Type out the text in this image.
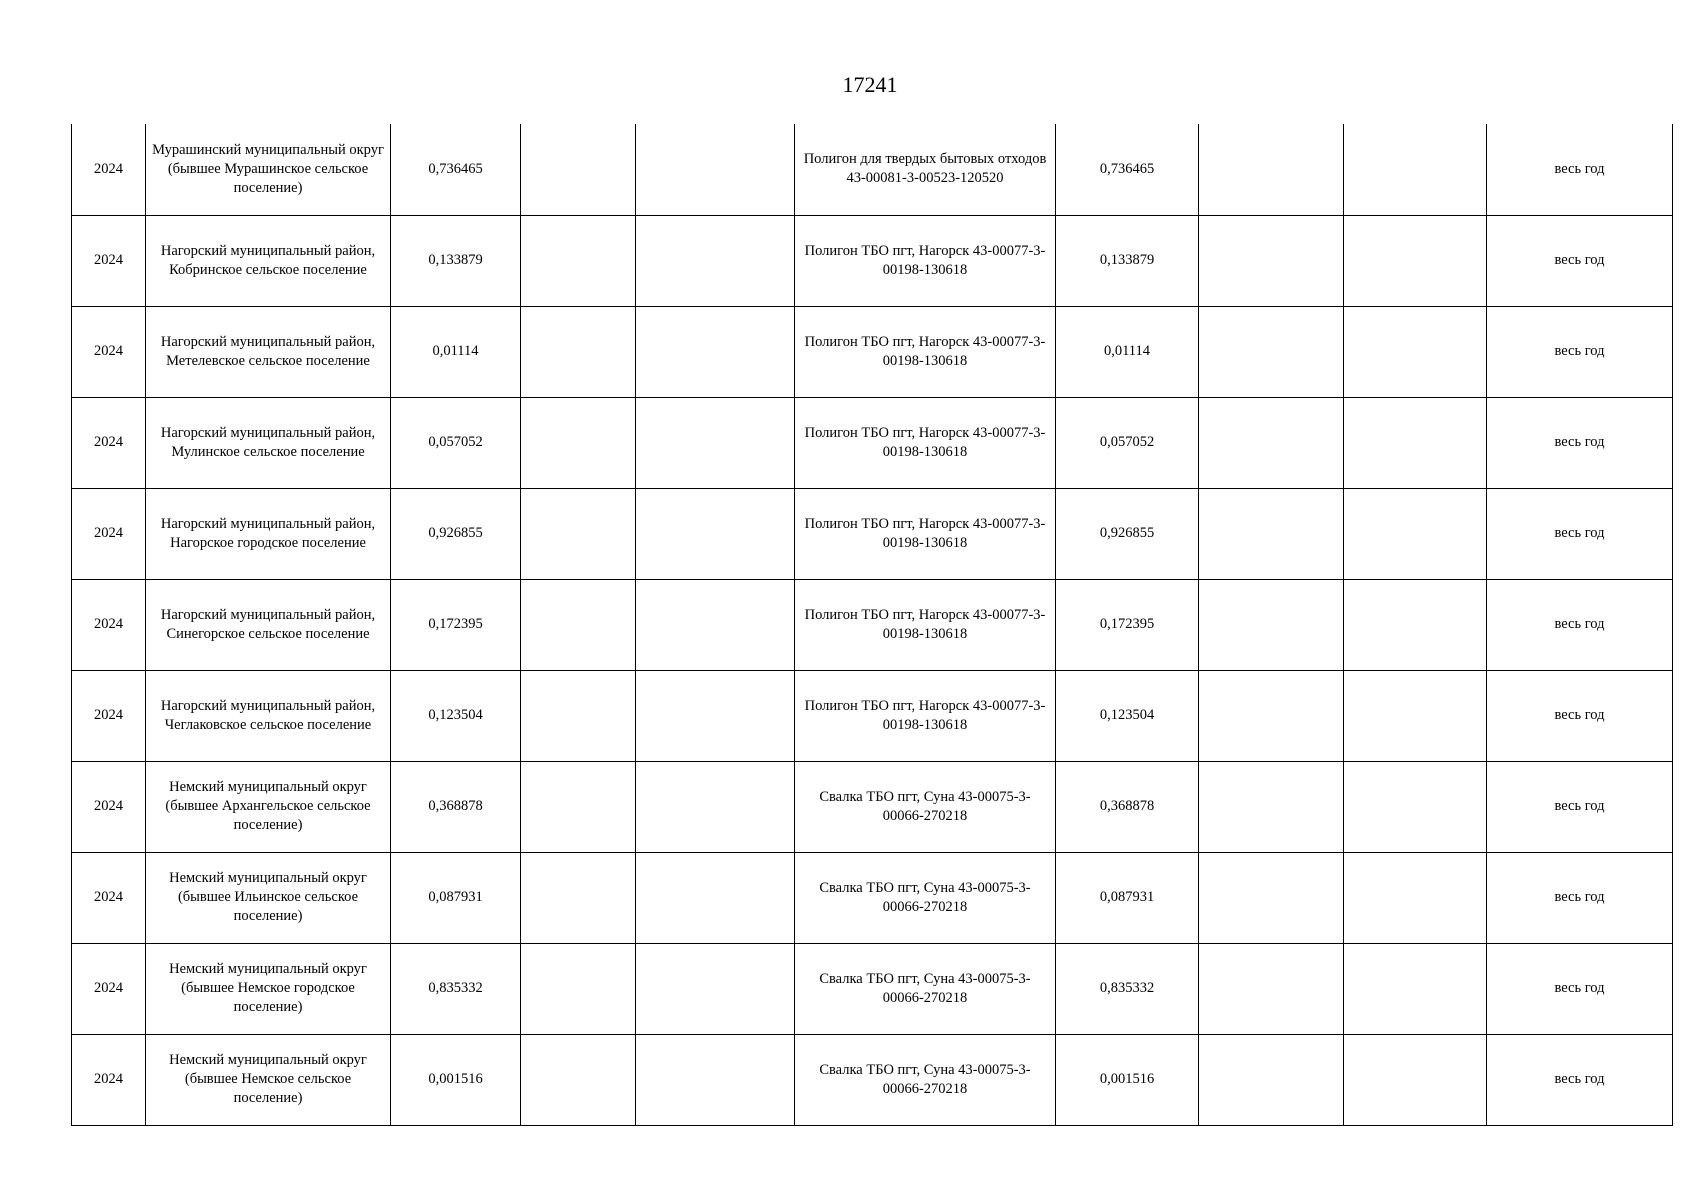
17241
2024	Мурашинский муниципальный округ (бывшее Мурашинское сельское поселение)	0,736465			Полигон для твердых бытовых отходов 43-00081-3-00523-120520	0,736465			весь год
2024	Нагорский муниципальный район, Кобринское сельское поселение	0,133879			Полигон ТБО пгт, Нагорск 43-00077-3-00198-130618	0,133879			весь год
2024	Нагорский муниципальный район, Метелевское сельское поселение	0,01114			Полигон ТБО пгт, Нагорск 43-00077-3-00198-130618	0,01114			весь год
2024	Нагорский муниципальный район, Мулинское сельское поселение	0,057052			Полигон ТБО пгт, Нагорск 43-00077-3-00198-130618	0,057052			весь год
2024	Нагорский муниципальный район, Нагорское городское поселение	0,926855			Полигон ТБО пгт, Нагорск 43-00077-3-00198-130618	0,926855			весь год
2024	Нагорский муниципальный район, Синегорское сельское поселение	0,172395			Полигон ТБО пгт, Нагорск 43-00077-3-00198-130618	0,172395			весь год
2024	Нагорский муниципальный район, Чеглаковское сельское поселение	0,123504			Полигон ТБО пгт, Нагорск 43-00077-3-00198-130618	0,123504			весь год
2024	Немский муниципальный округ (бывшее Архангельское сельское поселение)	0,368878			Свалка ТБО пгт, Суна 43-00075-3-00066-270218	0,368878			весь год
2024	Немский муниципальный округ (бывшее Ильинское сельское поселение)	0,087931			Свалка ТБО пгт, Суна 43-00075-3-00066-270218	0,087931			весь год
2024	Немский муниципальный округ (бывшее Немское городское поселение)	0,835332			Свалка ТБО пгт, Суна 43-00075-3-00066-270218	0,835332			весь год
2024	Немский муниципальный округ (бывшее Немское сельское поселение)	0,001516			Свалка ТБО пгт, Суна 43-00075-3-00066-270218	0,001516			весь год
